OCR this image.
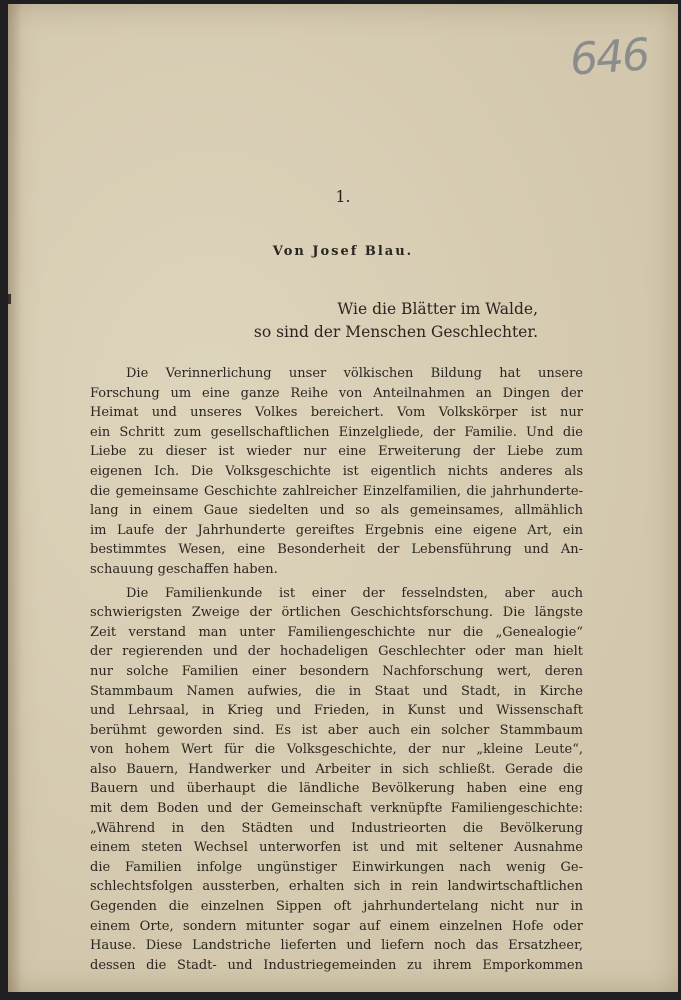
646
1.
Von Josef Blau.
Wie die Blätter im Walde,
so sind der Menschen Geschlechter.
Die Verinnerlichung unser völkischen Bildung hat unsere
Forschung um eine ganze Reihe von Anteilnahmen an Dingen der
Heimat und unseres Volkes bereichert. Vom Volkskörper ist nur
ein Schritt zum gesellschaftlichen Einzelgliede, der Familie. Und die
Liebe zu dieser ist wieder nur eine Erweiterung der Liebe zum
eigenen Ich. Die Volksgeschichte ist eigentlich nichts anderes als
die gemeinsame Geschichte zahlreicher Einzelfamilien, die jahrhunderte-
lang in einem Gaue siedelten und so als gemeinsames, allmählich
im Laufe der Jahrhunderte gereiftes Ergebnis eine eigene Art, ein
bestimmtes Wesen, eine Besonderheit der Lebensführung und An-
schauung geschaffen haben.
Die Familienkunde ist einer der fesselndsten, aber auch
schwierigsten Zweige der örtlichen Geschichtsforschung. Die längste
Zeit verstand man unter Familiengeschichte nur die „Genealogie“
der regierenden und der hochadeligen Geschlechter oder man hielt
nur solche Familien einer besondern Nachforschung wert, deren
Stammbaum Namen aufwies, die in Staat und Stadt, in Kirche
und Lehrsaal, in Krieg und Frieden, in Kunst und Wissenschaft
berühmt geworden sind. Es ist aber auch ein solcher Stammbaum
von hohem Wert für die Volksgeschichte, der nur „kleine Leute“,
also Bauern, Handwerker und Arbeiter in sich schließt. Gerade die
Bauern und überhaupt die ländliche Bevölkerung haben eine eng
mit dem Boden und der Gemeinschaft verknüpfte Familiengeschichte:
„Während in den Städten und Industrieorten die Bevölkerung
einem steten Wechsel unterworfen ist und mit seltener Ausnahme
die Familien infolge ungünstiger Einwirkungen nach wenig Ge-
schlechtsfolgen aussterben, erhalten sich in rein landwirtschaftlichen
Gegenden die einzelnen Sippen oft jahrhundertelang nicht nur in
einem Orte, sondern mitunter sogar auf einem einzelnen Hofe oder
Hause. Diese Landstriche lieferten und liefern noch das Ersatzheer,
dessen die Stadt- und Industriegemeinden zu ihrem Emporkommen
